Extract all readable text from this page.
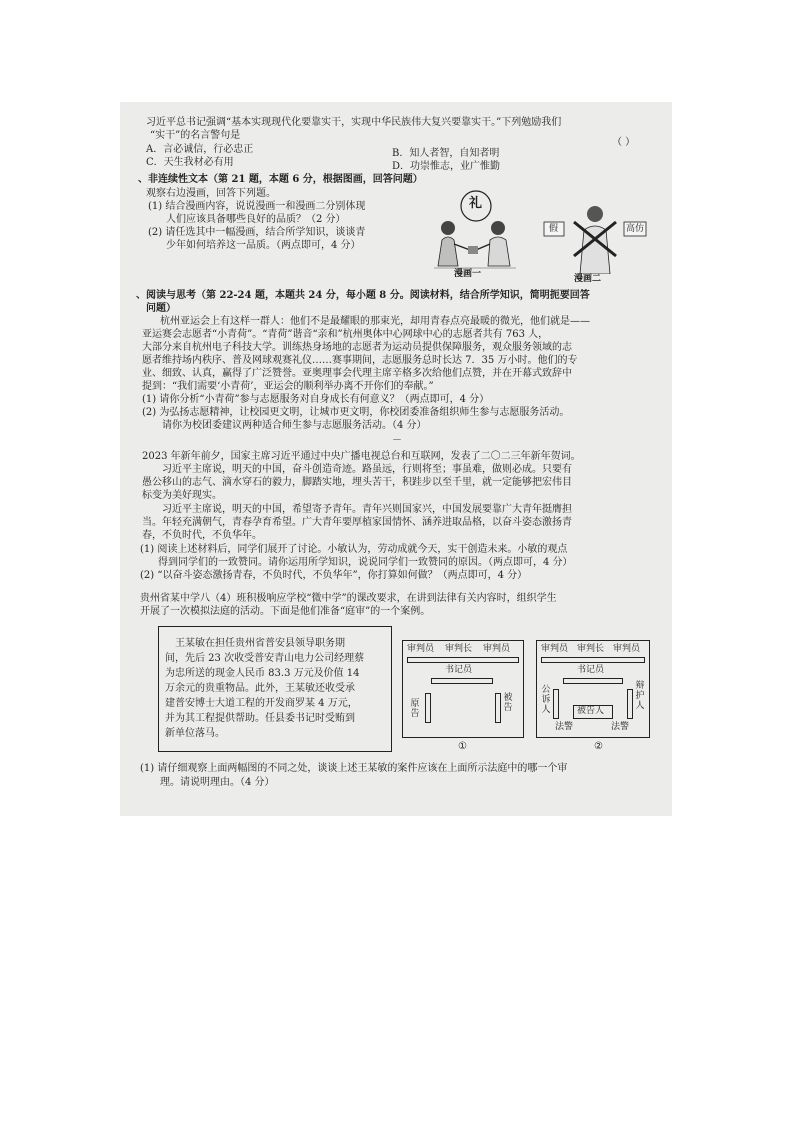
习近平总书记强调“基本实现现代化要靠实干，实现中华民族伟大复兴要靠实干。”下列勉励我们
“实干”的名言警句是
（ ）
A．言必诚信，行必忠正	B．知人者智，自知者明
C．天生我材必有用	D．功崇惟志，业广惟勤
、非连续性文本（第 21 题，本题 6 分，根据图画，回答问题）
观察右边漫画，回答下列题。
(1) 结合漫画内容，说说漫画一和漫画二分别体现
人们应该具备哪些良好的品质？（2 分）
(2) 请任选其中一幅漫画，结合所学知识，谈谈青
少年如何培养这一品质。（两点即可，4 分）
礼
漫画一
假	高仿
漫画二
、阅读与思考（第 22-24 题，本题共 24 分，每小题 8 分。阅读材料，结合所学知识，简明扼要回答
问题）
杭州亚运会上有这样一群人：他们不是最耀眼的那束光，却用青春点亮最暖的微光，他们就是——
亚运赛会志愿者“小青荷”。“青荷”谐音“亲和”杭州奥体中心网球中心的志愿者共有 763 人，
大部分来自杭州电子科技大学。训练热身场地的志愿者为运动员提供保障服务，观众服务领域的志
愿者维持场内秩序、普及网球观赛礼仪……赛事期间，志愿服务总时长达 7．35 万小时。他们的专
业、细致、认真，赢得了广泛赞誉。亚奥理事会代理主席辛格多次给他们点赞，并在开幕式致辞中
提到：“我们需要‘小青荷’，亚运会的顺利举办离不开你们的奉献。”
(1) 请你分析“小青荷”参与志愿服务对自身成长有何意义？（两点即可，4 分）
(2) 为弘扬志愿精神，让校园更文明，让城市更文明，你校团委准备组织师生参与志愿服务活动。
请你为校团委建议两种适合师生参与志愿服务活动。（4 分）
－
2023 年新年前夕，国家主席习近平通过中央广播电视总台和互联网，发表了二〇二三年新年贺词。
习近平主席说，明天的中国，奋斗创造奇迹。路虽远，行则将至；事虽难，做则必成。只要有
愚公移山的志气、滴水穿石的毅力，脚踏实地，埋头苦干，积跬步以至千里，就一定能够把宏伟目
标变为美好现实。
习近平主席说，明天的中国，希望寄予青年。青年兴则国家兴，中国发展要靠广大青年挺膺担
当。年轻充满朝气，青春孕育希望。广大青年要厚植家国情怀、涵养进取品格，以奋斗姿态激扬青
春，不负时代，不负华年。
(1) 阅读上述材料后，同学们展开了讨论。小敏认为，劳动成就今天，实干创造未来。小敏的观点
得到同学们的一致赞同。请你运用所学知识，说说同学们一致赞同的原因。（两点即可，4 分）
(2) “以奋斗姿态激扬青春，不负时代，不负华年”，你打算如何做？（两点即可，4 分）
贵州省某中学八（4）班积极响应学校“微中学”的课改要求，在讲到法律有关内容时，组织学生
开展了一次模拟法庭的活动。下面是他们准备“庭审”的一个案例。
王某敏在担任贵州省普安县领导职务期
间，先后 23 次收受普安青山电力公司经理蔡
为忠所送的现金人民币 83.3 万元及价值 14
万余元的贵重物品。此外，王某敏还收受承
建普安博士大道工程的开发商罗某 4 万元，
并为其工程提供帮助。任县委书记时受贿到
新单位落马。
审判员 审判长 审判员
书记员
原告
被告
①
审判员 审判长 审判员
书记员
公诉人
辩护人
被告人
法警	法警
②
(1) 请仔细观察上面两幅图的不同之处，谈谈上述王某敏的案件应该在上面所示法庭中的哪一个审
理。请说明理由。（4 分）
